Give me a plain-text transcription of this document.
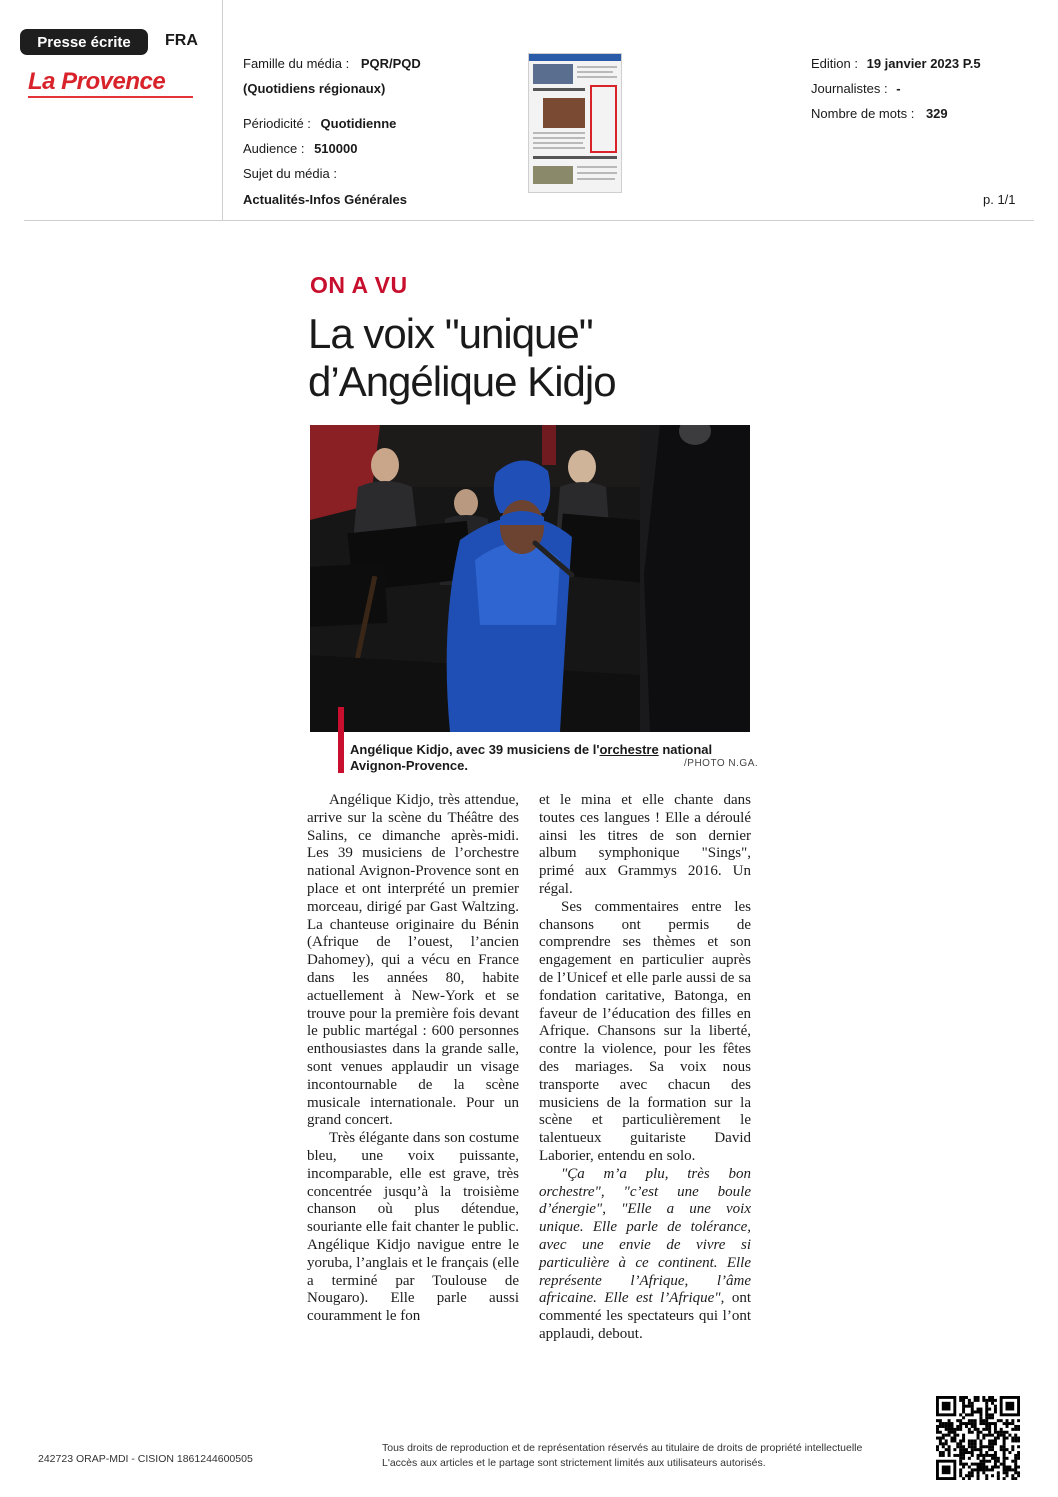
Presse écrite	FRA
La Provence
Famille du média : PQR/PQD
(Quotidiens régionaux)
Périodicité : Quotidienne
Audience : 510000
Sujet du média :
Actualités-Infos Générales
Edition : 19 janvier 2023 P.5
Journalistes : -
Nombre de mots : 329
p. 1/1
ON A VU
La voix "unique"
d’Angélique Kidjo
Angélique Kidjo, avec 39 musiciens de l'orchestre national Avignon-Provence.	/PHOTO N.GA.

Angélique Kidjo, très attendue, arrive sur la scène du Théâtre des Salins, ce dimanche après-midi. Les 39 musiciens de l’orchestre national Avignon-Provence sont en place et ont interprété un premier morceau, dirigé par Gast Waltzing. La chanteuse originaire du Bénin (Afrique de l’ouest, l’ancien Dahomey), qui a vécu en France dans les années 80, habite actuellement à New-York et se trouve pour la première fois devant le public martégal : 600 personnes enthousiastes dans la grande salle, sont venues applaudir un visage incontournable de la scène musicale internationale. Pour un grand concert.

Très élégante dans son costume bleu, une voix puissante, incomparable, elle est grave, très concentrée jusqu’à la troisième chanson où plus détendue, souriante elle fait chanter le public. Angélique Kidjo navigue entre le yoruba, l’anglais et le français (elle a terminé par Toulouse de Nougaro). Elle parle aussi couramment le fon

et le mina et elle chante dans toutes ces langues ! Elle a déroulé ainsi les titres de son dernier album symphonique "Sings", primé aux Grammys 2016. Un régal.

Ses commentaires entre les chansons ont permis de comprendre ses thèmes et son engagement en particulier auprès de l’Unicef et elle parle aussi de sa fondation caritative, Batonga, en faveur de l’éducation des filles en Afrique. Chansons sur la liberté, contre la violence, pour les fêtes des mariages. Sa voix nous transporte avec chacun des musiciens de la formation sur la scène et particulièrement le talentueux guitariste David Laborier, entendu en solo.

"Ça m’a plu, très bon orchestre", "c’est une boule d’énergie", "Elle a une voix unique. Elle parle de tolérance, avec une envie de vivre si particulière à ce continent. Elle représente l’Afrique, l’âme africaine. Elle est l’Afrique", ont commenté les spectateurs qui l’ont applaudi, debout.

242723 ORAP-MDI - CISION 1861244600505
Tous droits de reproduction et de représentation réservés au titulaire de droits de propriété intellectuelle
L'accès aux articles et le partage sont strictement limités aux utilisateurs autorisés.
